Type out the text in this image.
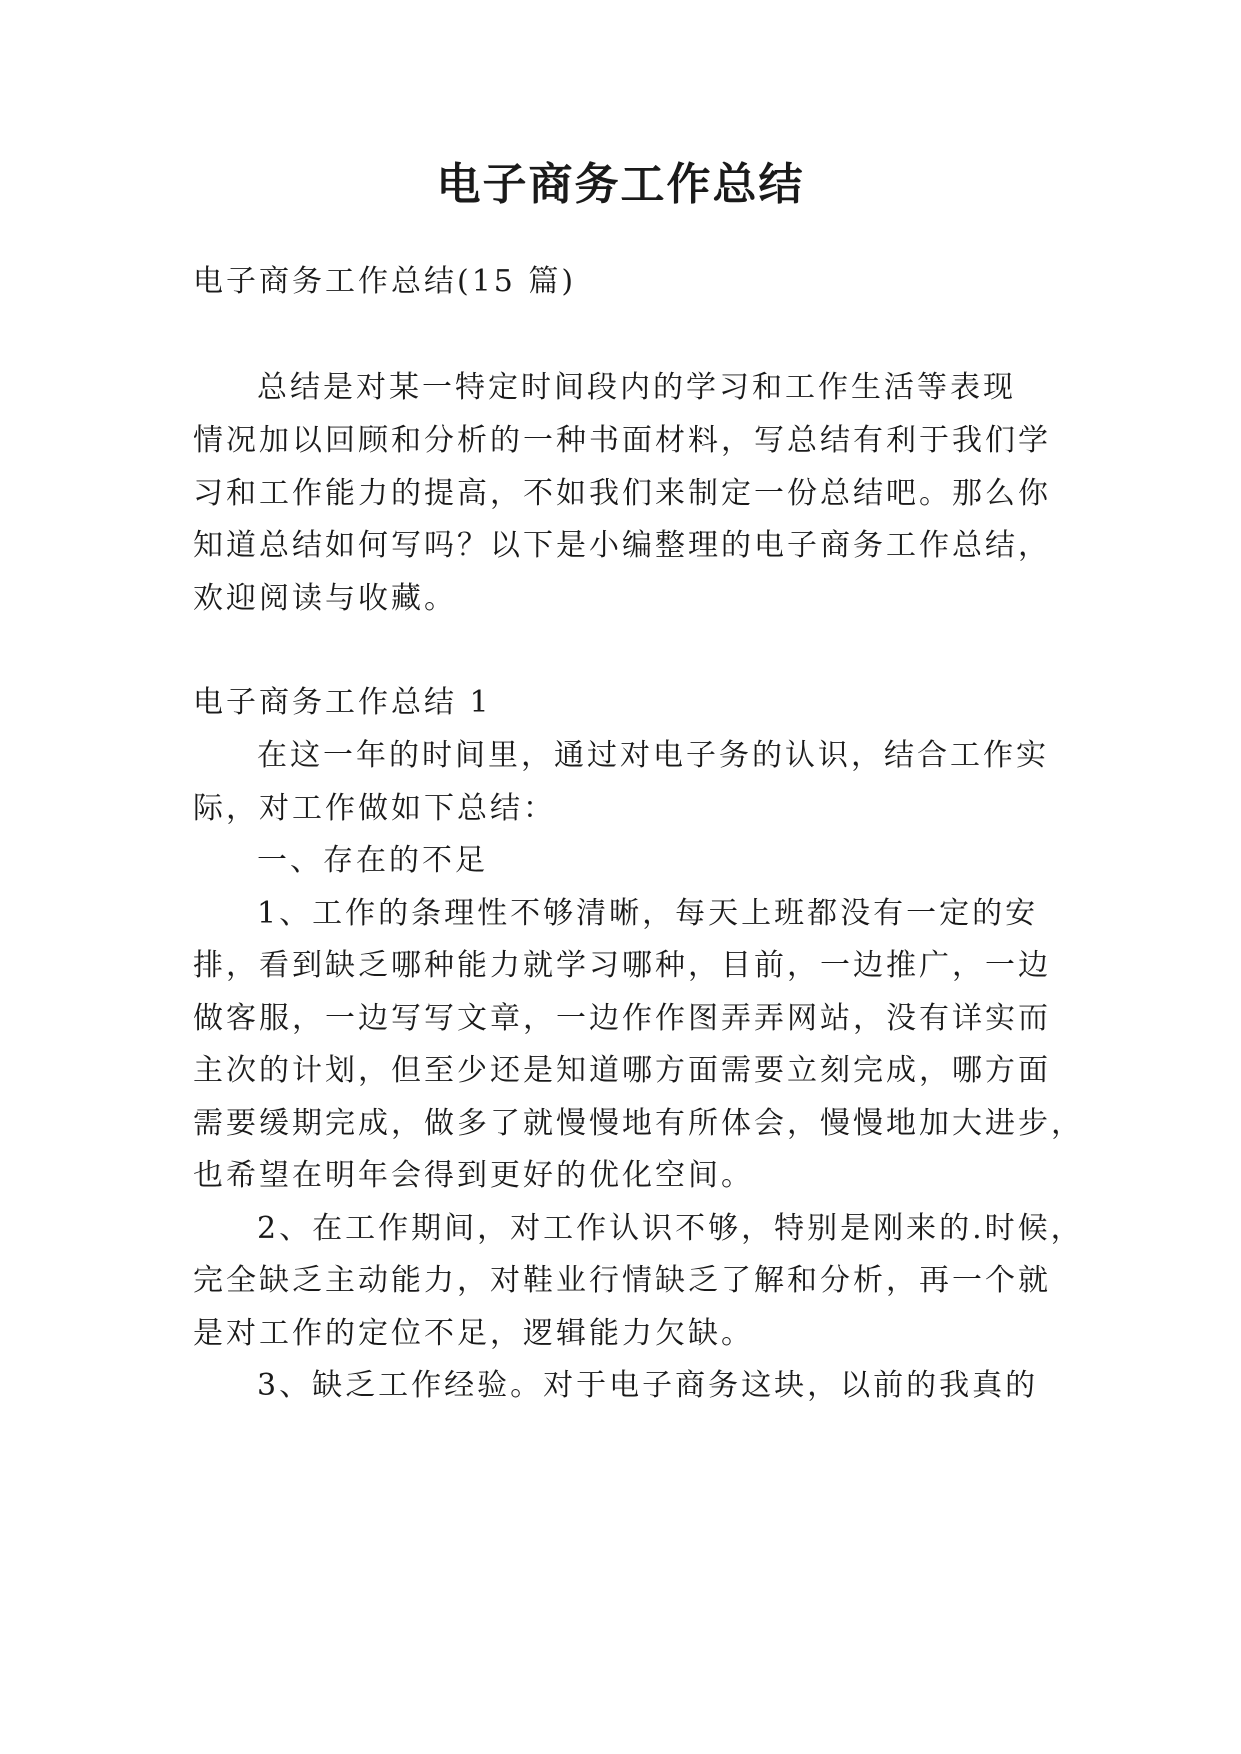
电子商务工作总结
电子商务工作总结(15 篇)
总结是对某一特定时间段内的学习和工作生活等表现
情况加以回顾和分析的一种书面材料，写总结有利于我们学
习和工作能力的提高，不如我们来制定一份总结吧。那么你
知道总结如何写吗？以下是小编整理的电子商务工作总结，
欢迎阅读与收藏。
电子商务工作总结 1
在这一年的时间里，通过对电子务的认识，结合工作实
际，对工作做如下总结：
一、存在的不足
1、工作的条理性不够清晰，每天上班都没有一定的安
排，看到缺乏哪种能力就学习哪种，目前，一边推广，一边
做客服，一边写写文章，一边作作图弄弄网站，没有详实而
主次的计划，但至少还是知道哪方面需要立刻完成，哪方面
需要缓期完成，做多了就慢慢地有所体会，慢慢地加大进步，
也希望在明年会得到更好的优化空间。
2、在工作期间，对工作认识不够，特别是刚来的.时候，
完全缺乏主动能力，对鞋业行情缺乏了解和分析，再一个就
是对工作的定位不足，逻辑能力欠缺。
3、缺乏工作经验。对于电子商务这块，以前的我真的
